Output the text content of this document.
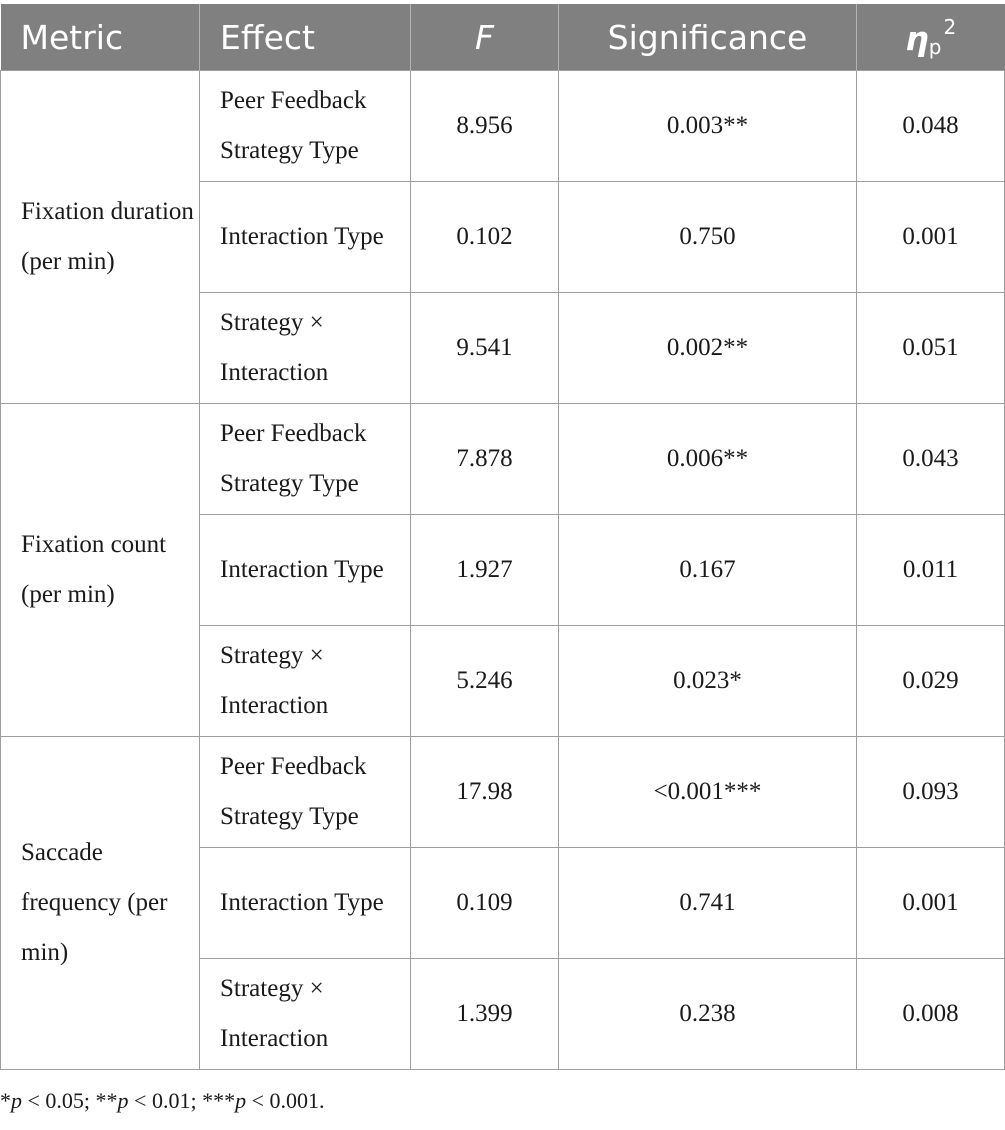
Metric	Effect	F	Significance	$\eta p^2$
Fixation duration (per min)	Peer Feedback Strategy Type	8.956	0.003**	0.048
	Interaction Type	0.102	0.750	0.001
	Strategy × Interaction	9.541	0.002**	0.051
Fixation count (per min)	Peer Feedback Strategy Type	7.878	0.006**	0.043
	Interaction Type	1.927	0.167	0.011
	Strategy × Interaction	5.246	0.023*	0.029
Saccade frequency (per min)	Peer Feedback Strategy Type	17.98	<0.001***	0.093
	Interaction Type	0.109	0.741	0.001
	Strategy × Interaction	1.399	0.238	0.008
*p < 0.05; **p < 0.01; ***p < 0.001.
